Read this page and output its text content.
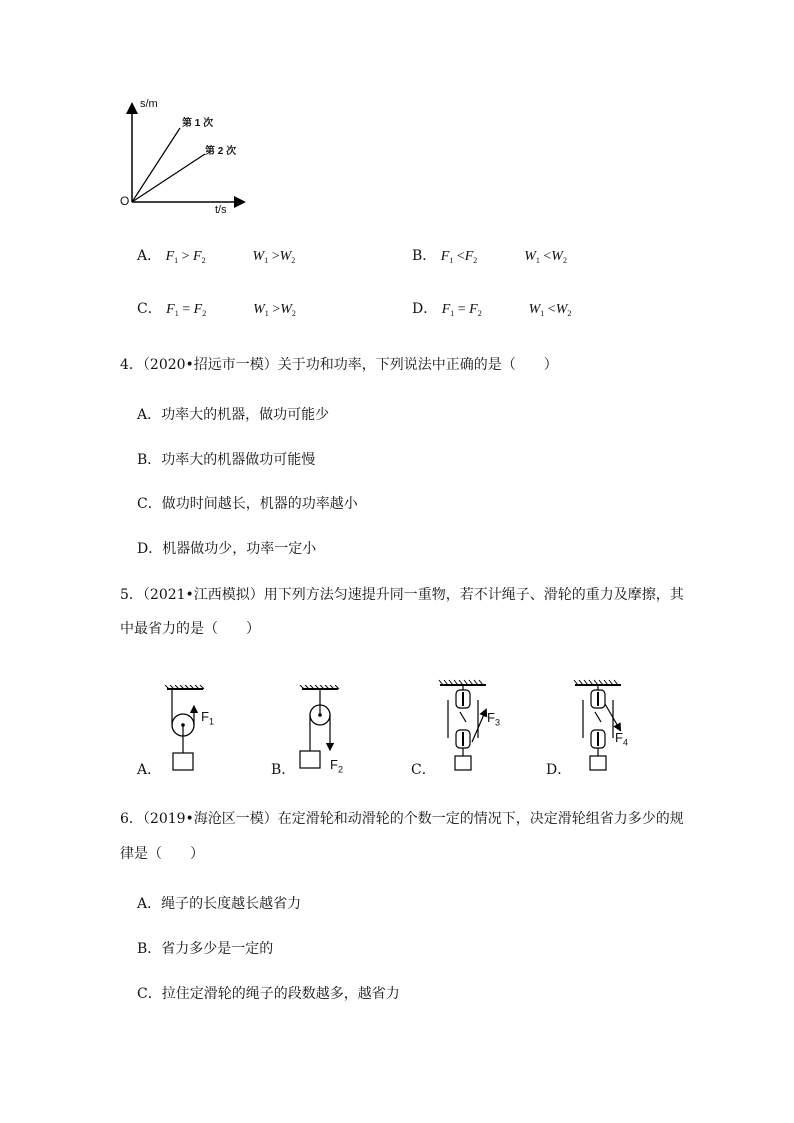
s/m
t/s
O
第 1 次
第 2 次
A． $F_1 > F_2$	$W_1 >W_2$	B． $F_1 <F_2$	$W_1 <W_2$
C． $F_1 = F_2$	$W_1 >W_2$	D． $F_1 = F_2$	$W_1 <W_2$
4．（2020•招远市一模）关于功和功率，下列说法中正确的是（　　）
A．功率大的机器，做功可能少
B．功率大的机器做功可能慢
C．做功时间越长，机器的功率越小
D．机器做功少，功率一定小
5．（2021•江西模拟）用下列方法匀速提升同一重物，若不计绳子、滑轮的重力及摩擦，其
中最省力的是（　　）
$F_1$
A．	$F_2$
B．
$F_3$
C．
$F_4$
D．
6．（2019•海沧区一模）在定滑轮和动滑轮的个数一定的情况下，决定滑轮组省力多少的规
律是（　　）
A．绳子的长度越长越省力
B．省力多少是一定的
C．拉住定滑轮的绳子的段数越多，越省力
